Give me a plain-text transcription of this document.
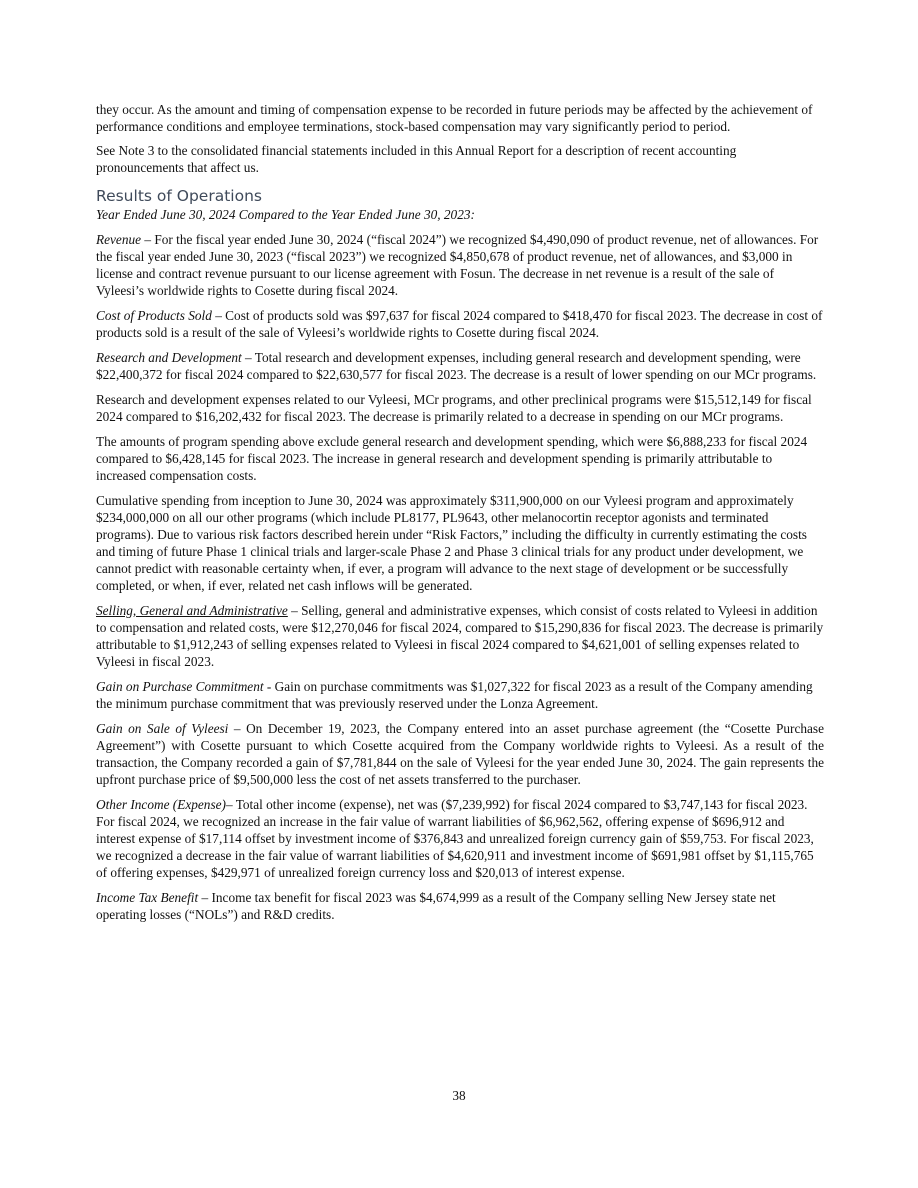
they occur. As the amount and timing of compensation expense to be recorded in future periods may be affected by the achievement of performance conditions and employee terminations, stock-based compensation may vary significantly period to period.

See Note 3 to the consolidated financial statements included in this Annual Report for a description of recent accounting pronouncements that affect us.

Results of Operations

Year Ended June 30, 2024 Compared to the Year Ended June 30, 2023:

Revenue – For the fiscal year ended June 30, 2024 (“fiscal 2024”) we recognized $4,490,090 of product revenue, net of allowances. For the fiscal year ended June 30, 2023 (“fiscal 2023”) we recognized $4,850,678 of product revenue, net of allowances, and $3,000 in license and contract revenue pursuant to our license agreement with Fosun. The decrease in net revenue is a result of the sale of Vyleesi’s worldwide rights to Cosette during fiscal 2024.

Cost of Products Sold – Cost of products sold was $97,637 for fiscal 2024 compared to $418,470 for fiscal 2023. The decrease in cost of products sold is a result of the sale of Vyleesi’s worldwide rights to Cosette during fiscal 2024.

Research and Development – Total research and development expenses, including general research and development spending, were $22,400,372 for fiscal 2024 compared to $22,630,577 for fiscal 2023. The decrease is a result of lower spending on our MCr programs.

Research and development expenses related to our Vyleesi, MCr programs, and other preclinical programs were $15,512,149 for fiscal 2024 compared to $16,202,432 for fiscal 2023. The decrease is primarily related to a decrease in spending on our MCr programs.

The amounts of program spending above exclude general research and development spending, which were $6,888,233 for fiscal 2024 compared to $6,428,145 for fiscal 2023. The increase in general research and development spending is primarily attributable to increased compensation costs.

Cumulative spending from inception to June 30, 2024 was approximately $311,900,000 on our Vyleesi program and approximately $234,000,000 on all our other programs (which include PL8177, PL9643, other melanocortin receptor agonists and terminated programs). Due to various risk factors described herein under “Risk Factors,” including the difficulty in currently estimating the costs and timing of future Phase 1 clinical trials and larger-scale Phase 2 and Phase 3 clinical trials for any product under development, we cannot predict with reasonable certainty when, if ever, a program will advance to the next stage of development or be successfully completed, or when, if ever, related net cash inflows will be generated.

Selling, General and Administrative – Selling, general and administrative expenses, which consist of costs related to Vyleesi in addition to compensation and related costs, were $12,270,046 for fiscal 2024, compared to $15,290,836 for fiscal 2023. The decrease is primarily attributable to $1,912,243 of selling expenses related to Vyleesi in fiscal 2024 compared to $4,621,001 of selling expenses related to Vyleesi in fiscal 2023.

Gain on Purchase Commitment - Gain on purchase commitments was $1,027,322 for fiscal 2023 as a result of the Company amending the minimum purchase commitment that was previously reserved under the Lonza Agreement.

Gain on Sale of Vyleesi – On December 19, 2023, the Company entered into an asset purchase agreement (the “Cosette Purchase Agreement”) with Cosette pursuant to which Cosette acquired from the Company worldwide rights to Vyleesi. As a result of the transaction, the Company recorded a gain of $7,781,844 on the sale of Vyleesi for the year ended June 30, 2024. The gain represents the upfront purchase price of $9,500,000 less the cost of net assets transferred to the purchaser.

Other Income (Expense)– Total other income (expense), net was ($7,239,992) for fiscal 2024 compared to $3,747,143 for fiscal 2023. For fiscal 2024, we recognized an increase in the fair value of warrant liabilities of $6,962,562, offering expense of $696,912 and interest expense of $17,114 offset by investment income of $376,843 and unrealized foreign currency gain of $59,753. For fiscal 2023, we recognized a decrease in the fair value of warrant liabilities of $4,620,911 and investment income of $691,981 offset by $1,115,765 of offering expenses, $429,971 of unrealized foreign currency loss and $20,013 of interest expense.

Income Tax Benefit – Income tax benefit for fiscal 2023 was $4,674,999 as a result of the Company selling New Jersey state net operating losses (“NOLs”) and R&D credits.

38
